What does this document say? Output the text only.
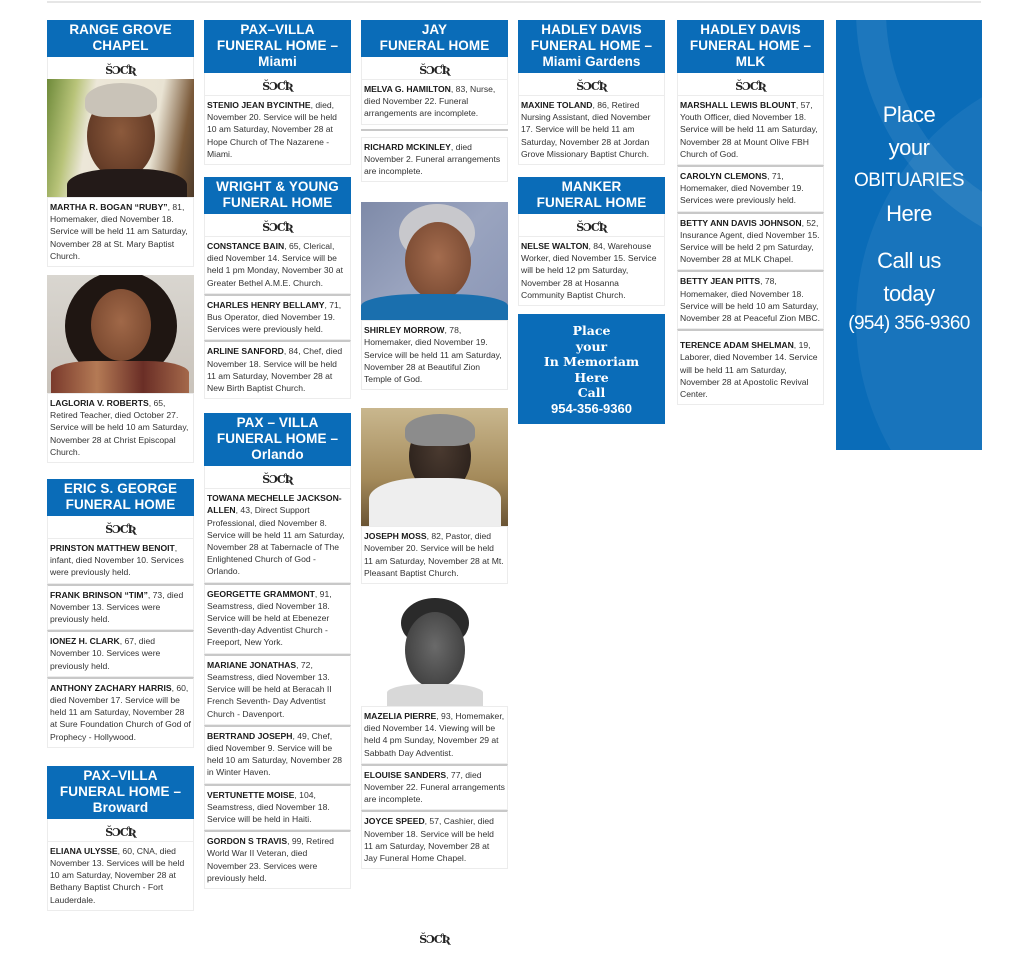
RANGE GROVE
CHAPEL
ŠƆƇƦ
MARTHA R. BOGAN “RUBY”, 81, Homemaker, died November 18. Service will be held 11 am Saturday, November 28 at St. Mary Baptist Church.
LAGLORIA V. ROBERTS, 65, Retired Teacher, died October 27. Service will be held 10 am Saturday, November 28 at Christ Episcopal Church.
ERIC S. GEORGE
FUNERAL HOME
ŠƆƇƦ
PRINSTON MATTHEW BENOIT, infant, died November 10. Services were previously held.
FRANK BRINSON “TIM”, 73, died November 13. Services were previously held.
IONEZ H. CLARK, 67, died November 10. Services were previously held.
ANTHONY ZACHARY HARRIS, 60, died November 17. Service will be held 11 am Saturday, November 28 at Sure Foundation Church of God of Prophecy - Hollywood.
PAX–VILLA
FUNERAL HOME –
Broward
ŠƆƇƦ
ELIANA ULYSSE, 60, CNA, died November 13. Services will be held 10 am Saturday, November 28 at Bethany Baptist Church - Fort Lauderdale.
PAX–VILLA
FUNERAL HOME –
Miami
ŠƆƇƦ
STENIO JEAN BYCINTHE, died, November 20. Service will be held 10 am Saturday, November 28 at Hope Church of The Nazarene - Miami.
WRIGHT & YOUNG
FUNERAL HOME
ŠƆƇƦ
CONSTANCE BAIN, 65, Clerical, died November 14. Service will be held 1 pm Monday, November 30 at Greater Bethel A.M.E. Church.
CHARLES HENRY BELLAMY, 71, Bus Operator, died November 19. Services were previously held.
ARLINE SANFORD, 84, Chef, died November 18. Service will be held 11 am Saturday, November 28 at New Birth Baptist Church.
PAX – VILLA
FUNERAL HOME –
Orlando
ŠƆƇƦ
TOWANA MECHELLE JACKSON-ALLEN, 43, Direct Support Professional, died November 8. Service will be held 11 am Saturday, November 28 at Tabernacle of The Enlightened Church of God - Orlando.
GEORGETTE GRAMMONT, 91, Seamstress, died November 18. Service will be held at Ebenezer Seventh-day Adventist Church - Freeport, New York.
MARIANE JONATHAS, 72, Seamstress, died November 13. Service will be held at Beracah II French Seventh- Day Adventist Church - Davenport.
BERTRAND JOSEPH, 49, Chef, died November 9. Service will be held 10 am Saturday, November 28 in Winter Haven.
VERTUNETTE MOISE, 104, Seamstress, died November 18. Service will be held in Haiti.
GORDON S TRAVIS, 99, Retired World War II Veteran, died November 23. Services were previously held.
JAY
FUNERAL HOME
ŠƆƇƦ
MELVA G. HAMILTON, 83, Nurse, died November 22. Funeral arrangements are incomplete.
RICHARD MCKINLEY, died November 2. Funeral arrangements are incomplete.
SHIRLEY MORROW, 78, Homemaker, died November 19. Service will be held 11 am Saturday, November 28 at Beautiful Zion Temple of God.
JOSEPH MOSS, 82, Pastor, died November 20. Service will be held 11 am Saturday, November 28 at Mt. Pleasant Baptist Church.
MAZELIA PIERRE, 93, Homemaker, died November 14. Viewing will be held 4 pm Sunday, November 29 at Sabbath Day Adventist.
ELOUISE SANDERS, 77, died November 22. Funeral arrangements are incomplete.
JOYCE SPEED, 57, Cashier, died November 18. Service will be held 11 am Saturday, November 28 at Jay Funeral Home Chapel.
ŠƆƇƦ
HADLEY DAVIS
FUNERAL HOME –
Miami Gardens
ŠƆƇƦ
MAXINE TOLAND, 86, Retired Nursing Assistant, died November 17. Service will be held 11 am Saturday, November 28 at Jordan Grove Missionary Baptist Church.
MANKER
FUNERAL HOME
ŠƆƇƦ
NELSE WALTON, 84, Warehouse Worker, died November 15. Service will be held 12 pm Saturday, November 28 at Hosanna Community Baptist Church.
Place
your
In Memoriam
Here
Call
954-356-9360
HADLEY DAVIS
FUNERAL HOME –
MLK
ŠƆƇƦ
MARSHALL LEWIS BLOUNT, 57, Youth Officer, died November 18. Service will be held 11 am Saturday, November 28 at Mount Olive FBH Church of God.
CAROLYN CLEMONS, 71, Homemaker, died November 19. Services were previously held.
BETTY ANN DAVIS JOHNSON, 52, Insurance Agent, died November 15. Service will be held 2 pm Saturday, November 28 at MLK Chapel.
BETTY JEAN PITTS, 78, Homemaker, died November 18. Service will be held 10 am Saturday, November 28 at Peaceful Zion MBC.
TERENCE ADAM SHELMAN, 19, Laborer, died November 14. Service will be held 11 am Saturday, November 28 at Apostolic Revival Center.
Place
your
OBITUARIES
Here
Call us
today
(954) 356-9360
